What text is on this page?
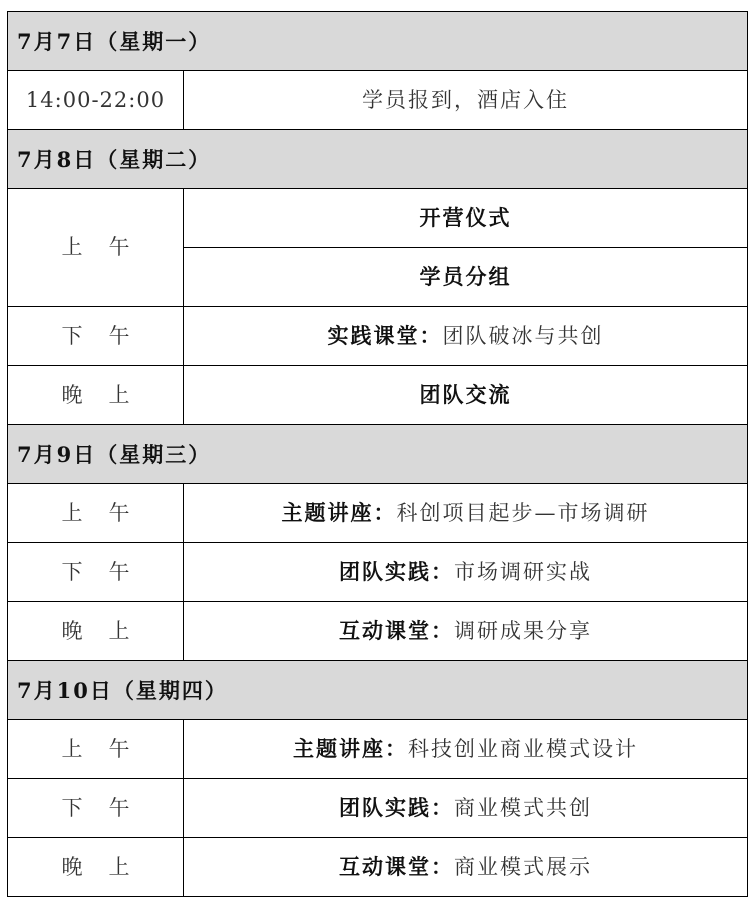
7月7日（星期一）	
14:00-22:00	学员报到，酒店入住
7月8日（星期二）	
上 午	开营仪式
	学员分组
下 午	实践课堂：团队破冰与共创
晚 上	团队交流
7月9日（星期三）	
上 午	主题讲座：科创项目起步—市场调研
下 午	团队实践：市场调研实战
晚 上	互动课堂：调研成果分享
7月10日（星期四）	
上 午	主题讲座：科技创业商业模式设计
下 午	团队实践：商业模式共创
晚 上	互动课堂：商业模式展示
